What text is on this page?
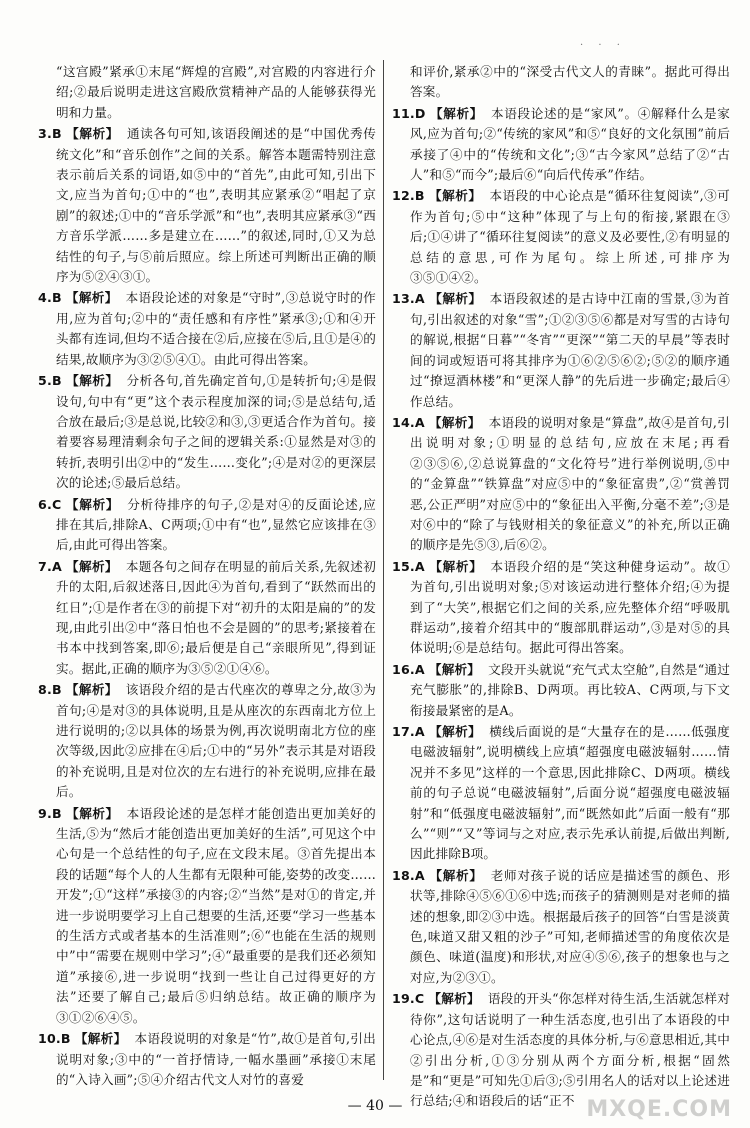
· · ·
“这宫殿”紧承①末尾“辉煌的宫殿”,对宫殿的内容进行介绍;②最后说明走进这宫殿欣赏精神产品的人能够获得光明和力量。
3.B 【解析】 通读各句可知,该语段阐述的是“中国优秀传统文化”和“音乐创作”之间的关系。解答本题需特别注意表示前后关系的词语,如⑤中的“首先”,由此可知,引出下文,应当为首句;①中的“也”,表明其应紧承②“唱起了京剧”的叙述;①中的“音乐学派”和“也”,表明其应紧承③“西方音乐学派……多是建立在……”的叙述,同时,①又为总结性的句子,与⑤前后照应。综上所述可判断出正确的顺序为⑤②④③①。
4.B 【解析】 本语段论述的对象是“守时”,③总说守时的作用,应为首句;②中的“责任感和有序性”紧承③;①和④开头都有连词,但均不适合接在②后,应接在⑤后,且①是④的结果,故顺序为③②⑤④①。由此可得出答案。
5.B 【解析】 分析各句,首先确定首句,①是转折句;④是假设句,句中有“更”这个表示程度加深的词;⑤是总结句,适合放在最后;③是总说,比较②和③,③更适合作为首句。接着要容易理清剩余句子之间的逻辑关系:①显然是对③的转折,表明引出②中的“发生……变化”;④是对②的更深层次的论述;⑤最后总结。
6.C 【解析】 分析待排序的句子,②是对④的反面论述,应排在其后,排除A、C两项;①中有“也”,显然它应该排在③后,由此可得出答案。
7.A 【解析】 本题各句之间存在明显的前后关系,先叙述初升的太阳,后叙述落日,因此④为首句,看到了“跃然而出的红日”;①是作者在③的前提下对“初升的太阳是扁的”的发现,由此引出②中“落日怕也不会是圆的”的思考;紧接着在书本中找到答案,即⑥;最后便是自己“亲眼所见”,得到证实。据此,正确的顺序为③⑤②①④⑥。
8.B 【解析】 该语段介绍的是古代座次的尊卑之分,故③为首句;④是对③的具体说明,且是从座次的东西南北方位上进行说明的;②以具体的场景为例,再次说明南北方位的座次等级,因此②应排在④后;①中的“另外”表示其是对语段的补充说明,且是对位次的左右进行的补充说明,应排在最后。
9.B 【解析】 本语段论述的是怎样才能创造出更加美好的生活,⑤为“然后才能创造出更加美好的生活”,可见这个中心句是一个总结性的句子,应在文段末尾。③首先提出本段的话题“每个人的人生都有无限种可能,姿势的改变……开发”;①“这样”承接③的内容;②“当然”是对①的肯定,并进一步说明要学习上自己想要的生活,还要“学习一些基本的生活方式或者基本的生活准则”;⑥“也能在生活的规则中”中“需要在规则中学习”;④“最重要的是我们还必须知道”承接⑥,进一步说明“找到一些让自己过得更好的方法”还要了解自己;最后⑤归纳总结。故正确的顺序为③①②⑥④⑤。
10.B 【解析】 本语段说明的对象是“竹”,故①是首句,引出说明对象;③中的“一首抒情诗,一幅水墨画”承接①末尾的“入诗入画”;⑤④介绍古代文人对竹的喜爱
和评价,紧承②中的“深受古代文人的青睐”。据此可得出答案。
11.D 【解析】 本语段论述的是“家风”。④解释什么是家风,应为首句;②“传统的家风”和⑤“良好的文化氛围”前后承接了④中的“传统和文化”;③“古今家风”总结了②“古人”和⑤“而今”;最后⑥“向后代传承”作结。
12.B 【解析】 本语段的中心论点是“循环往复阅读”,③可作为首句;⑤中“这种”体现了与上句的衔接,紧跟在③后;①④讲了“循环往复阅读”的意义及必要性,②有明显的总结的意思,可作为尾句。综上所述,可排序为③⑤①④②。
13.A 【解析】 本语段叙述的是古诗中江南的雪景,③为首句,引出叙述的对象“雪”;①②③⑤⑥都是对写雪的古诗句的解说,根据“日暮”“冬宵”“更深”“第二天的早晨”等表时间的词或短语可将其排序为①⑥②⑤⑥②;⑤②的顺序通过“撩逗酒林楼”和“更深人静”的先后进一步确定;最后④作总结。
14.A 【解析】 本语段的说明对象是“算盘”,故④是首句,引出说明对象;①明显的总结句,应放在末尾;再看②③⑤⑥,②总说算盘的“文化符号”进行举例说明,⑤中的“金算盘”“铁算盘”对应⑤中的“象征富贵”,②“赏善罚恶,公正严明”对应⑤中的“象征出入平衡,分毫不差”;③是对⑥中的“除了与钱财相关的象征意义”的补充,所以正确的顺序是先⑤③,后⑥②。
15.A 【解析】 本语段介绍的是“笑这种健身运动”。故①为首句,引出说明对象;⑤对该运动进行整体介绍;④为提到了“大笑”,根据它们之间的关系,应先整体介绍“呼吸肌群运动”,接着介绍其中的“腹部肌群运动”,③是对⑤的具体说明;⑥是总结句。据此可得出答案。
16.A 【解析】 文段开头就说“充气式太空舱”,自然是“通过充气膨胀”的,排除B、D两项。再比较A、C两项,与下文衔接最紧密的是A。
17.A 【解析】 横线后面说的是“大量存在的是……低强度电磁波辐射”,说明横线上应填“超强度电磁波辐射……情况并不多见”这样的一个意思,因此排除C、D两项。横线前的句子总说“电磁波辐射”,后面分说“超强度电磁波辐射”和“低强度电磁波辐射”,而“既然如此”后面一般有“那么”“则”“又”等词与之对应,表示先承认前提,后做出判断,因此排除B项。
18.A 【解析】 老师对孩子说的话应是描述雪的颜色、形状等,排除④⑤⑥①⑥中选;而孩子的猜测则是对老师的描述的想象,即②③中选。根据最后孩子的回答“白雪是淡黄色,味道又甜又粗的沙子”可知,老师描述雪的角度依次是颜色、味道(温度)和形状,对应④⑤⑥,孩子的想象也与之对应,为②③①。
19.C 【解析】 语段的开头“你怎样对待生活,生活就怎样对待你”,这句话说明了一种生活态度,也引出了本语段的中心论点,④⑥是对生活态度的具体分析,与⑥意思相近,其中②引出分析,①③分别从两个方面分析,根据“固然是”和“更是”可知先①后③;⑤引用名人的话对以上论述进行总结;④和语段后的话“正不
— 40 —	MXQE.COM
